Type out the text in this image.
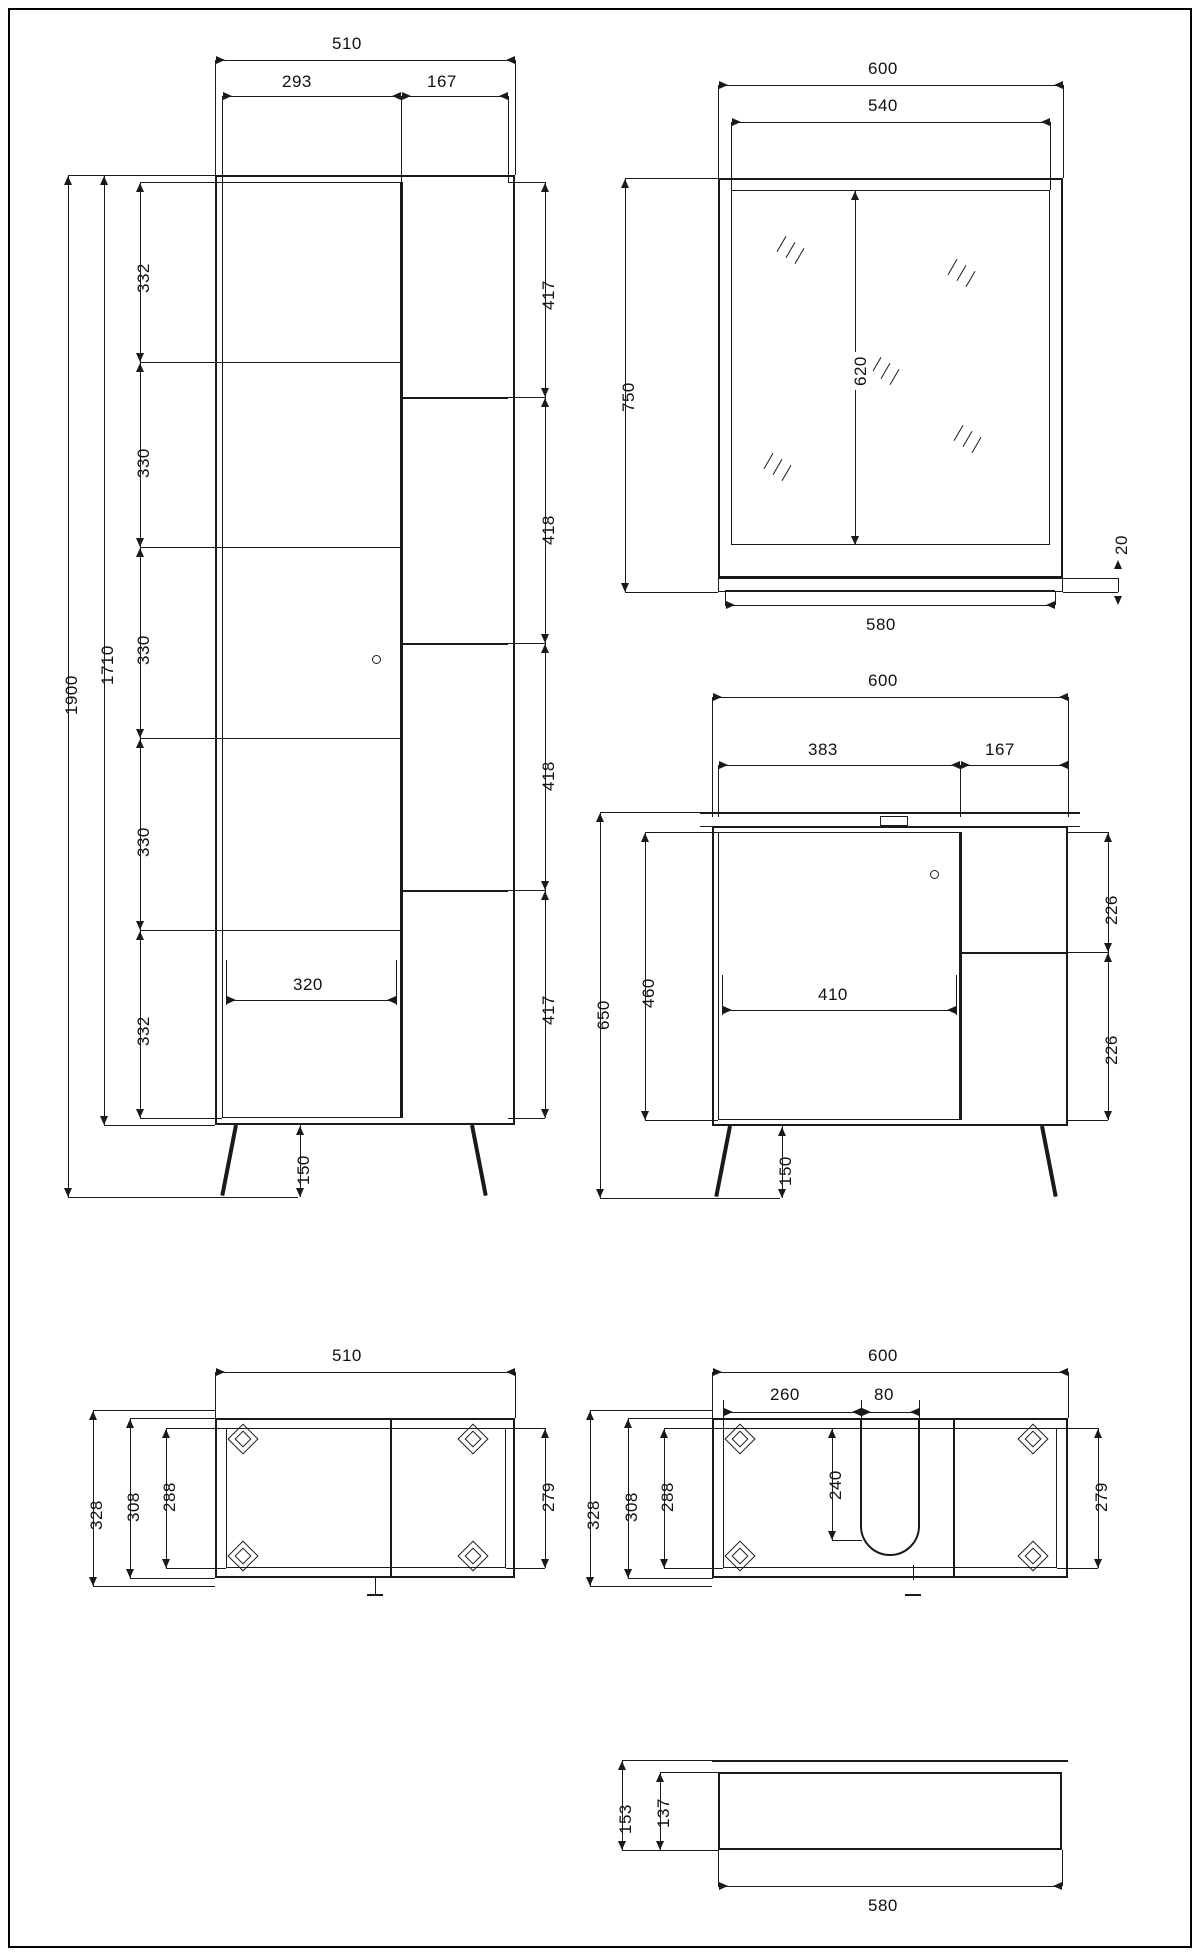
510
293	167
1900
1710
332
330
330
330
332
320
417
418
418
417
150
600
540
750
620
20
580
600
383	167
650
460	410
226
226
150
510
328 308 288	279
600
260	80
240
328 308 288	279
153 137
580
